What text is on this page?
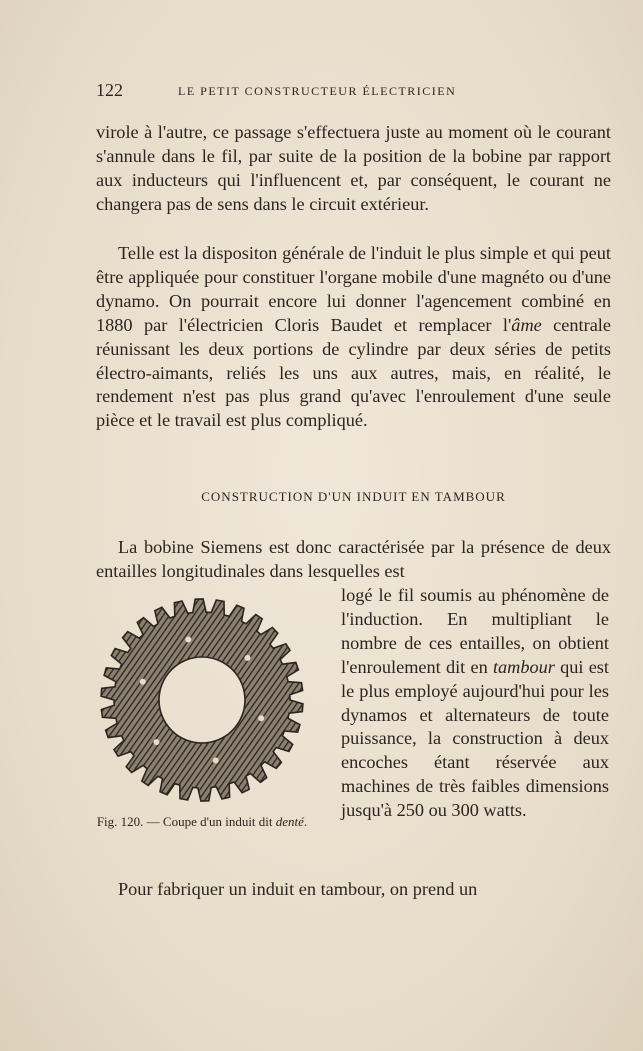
122	LE PETIT CONSTRUCTEUR ÉLECTRICIEN

virole à l'autre, ce passage s'effectuera juste au moment où le courant s'annule dans le fil, par suite de la position de la bobine par rapport aux inducteurs qui l'influencent et, par conséquent, le courant ne changera pas de sens dans le circuit extérieur.

Telle est la dispositon générale de l'induit le plus simple et qui peut être appliquée pour constituer l'organe mobile d'une magnéto ou d'une dynamo. On pourrait encore lui donner l'agencement combiné en 1880 par l'électricien Cloris Baudet et remplacer l'âme centrale réunissant les deux portions de cylindre par deux séries de petits électro-aimants, reliés les uns aux autres, mais, en réalité, le rendement n'est pas plus grand qu'avec l'enroulement d'une seule pièce et le travail est plus compliqué.

CONSTRUCTION D'UN INDUIT EN TAMBOUR

La bobine Siemens est donc caractérisée par la présence de deux entailles longitudinales dans lesquelles est

logé le fil soumis au phénomène de l'induction. En multipliant le nombre de ces entailles, on obtient l'enroulement dit en tambour qui est le plus employé aujourd'hui pour les dynamos et alternateurs de toute puissance, la construction à deux encoches étant réservée aux machines de très faibles dimensions jusqu'à 250 ou 300 watts.

Fig. 120. — Coupe d'un induit dit denté.

Pour fabriquer un induit en tambour, on prend un
